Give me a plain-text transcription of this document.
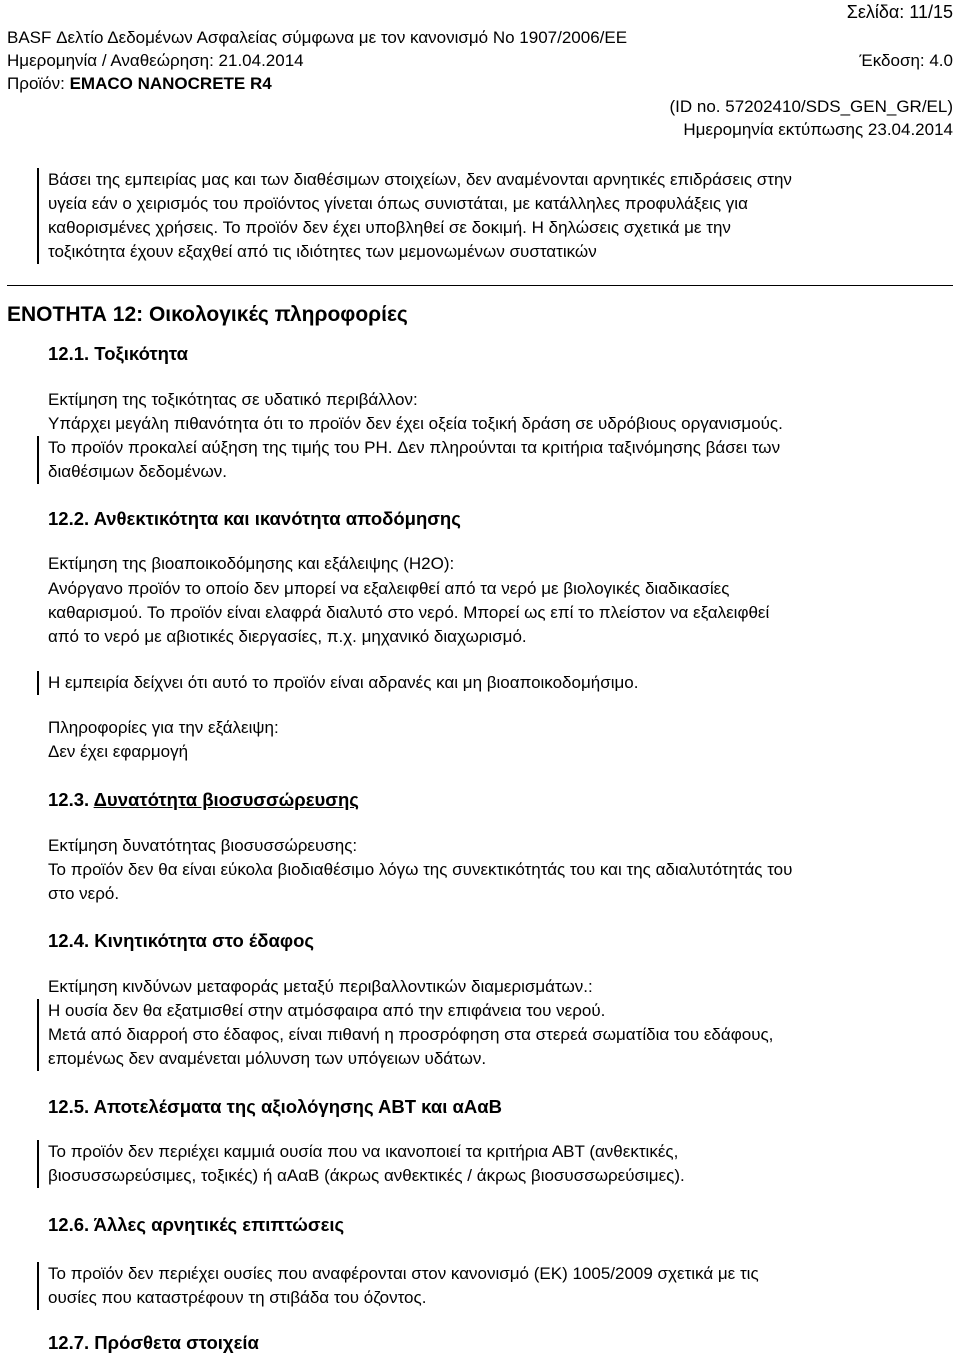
Σελίδα: 11/15
BASF Δελτίο Δεδομένων Ασφαλείας σύμφωνα με τον κανονισμό Νο 1907/2006/ΕΕ
Ημερομηνία / Αναθεώρηση: 21.04.2014	Έκδοση: 4.0
Προϊόν: EMACO NANOCRETE R4
(ID no. 57202410/SDS_GEN_GR/EL)
Ημερομηνία εκτύπωσης 23.04.2014
Βάσει της εμπειρίας μας και των διαθέσιμων στοιχείων, δεν αναμένονται αρνητικές επιδράσεις στην
υγεία εάν ο χειρισμός του προϊόντος γίνεται όπως συνιστάται, με κατάλληλες προφυλάξεις για
καθορισμένες χρήσεις. Το προϊόν δεν έχει υποβληθεί σε δοκιμή. Η δηλώσεις σχετικά με την
τοξικότητα έχουν εξαχθεί από τις ιδιότητες των μεμονωμένων συστατικών
ΕΝΟΤΗΤΑ 12: Οικολογικές πληροφορίες
12.1. Τοξικότητα
Εκτίμηση της τοξικότητας σε υδατικό περιβάλλον:
Υπάρχει μεγάλη πιθανότητα ότι το προϊόν δεν έχει οξεία τοξική δράση σε υδρόβιους οργανισμούς.
Το προϊόν προκαλεί αύξηση της τιμής του PH. Δεν πληρούνται τα κριτήρια ταξινόμησης βάσει των
διαθέσιμων δεδομένων.
12.2. Ανθεκτικότητα και ικανότητα αποδόμησης
Εκτίμηση της βιοαποικοδόμησης και εξάλειψης (H2O):
Ανόργανο προϊόν το οποίο δεν μπορεί να εξαλειφθεί από τα νερό με βιολογικές διαδικασίες
καθαρισμού. Το προϊόν είναι ελαφρά διαλυτό στο νερό. Μπορεί ως επί το πλείστον να εξαλειφθεί
από το νερό με αβιοτικές διεργασίες, π.χ. μηχανικό διαχωρισμό.
Η εμπειρία δείχνει ότι αυτό το προϊόν είναι αδρανές και μη βιοαποικοδομήσιμο.
Πληροφορίες για την εξάλειψη:
Δεν έχει εφαρμογή
12.3. Δυνατότητα βιοσυσσώρευσης
Εκτίμηση δυνατότητας βιοσυσσώρευσης:
Το προϊόν δεν θα είναι εύκολα βιοδιαθέσιμο λόγω της συνεκτικότητάς του και της αδιαλυτότητάς του
στο νερό.
12.4. Κινητικότητα στο έδαφος
Εκτίμηση κινδύνων μεταφοράς μεταξύ περιβαλλοντικών διαμερισμάτων.:
Η ουσία δεν θα εξατμισθεί στην ατμόσφαιρα από την επιφάνεια του νερού.
Μετά από διαρροή στο έδαφος, είναι πιθανή η προσρόφηση στα στερεά σωματίδια του εδάφους,
επομένως δεν αναμένεται μόλυνση των υπόγειων υδάτων.
12.5. Αποτελέσματα της αξιολόγησης ΑΒΤ και αΑαΒ
Το προϊόν δεν περιέχει καμμιά ουσία που να ικανοποιεί τα κριτήρια ΑΒΤ (ανθεκτικές,
βιοσυσσωρεύσιμες, τοξικές) ή αΑαΒ (άκρως ανθεκτικές / άκρως βιοσυσσωρεύσιμες).
12.6. Άλλες αρνητικές επιπτώσεις
Το προϊόν δεν περιέχει ουσίες που αναφέρονται στον κανονισμό (ΕΚ) 1005/2009 σχετικά με τις
ουσίες που καταστρέφουν τη στιβάδα του όζοντος.
12.7. Πρόσθετα στοιχεία
